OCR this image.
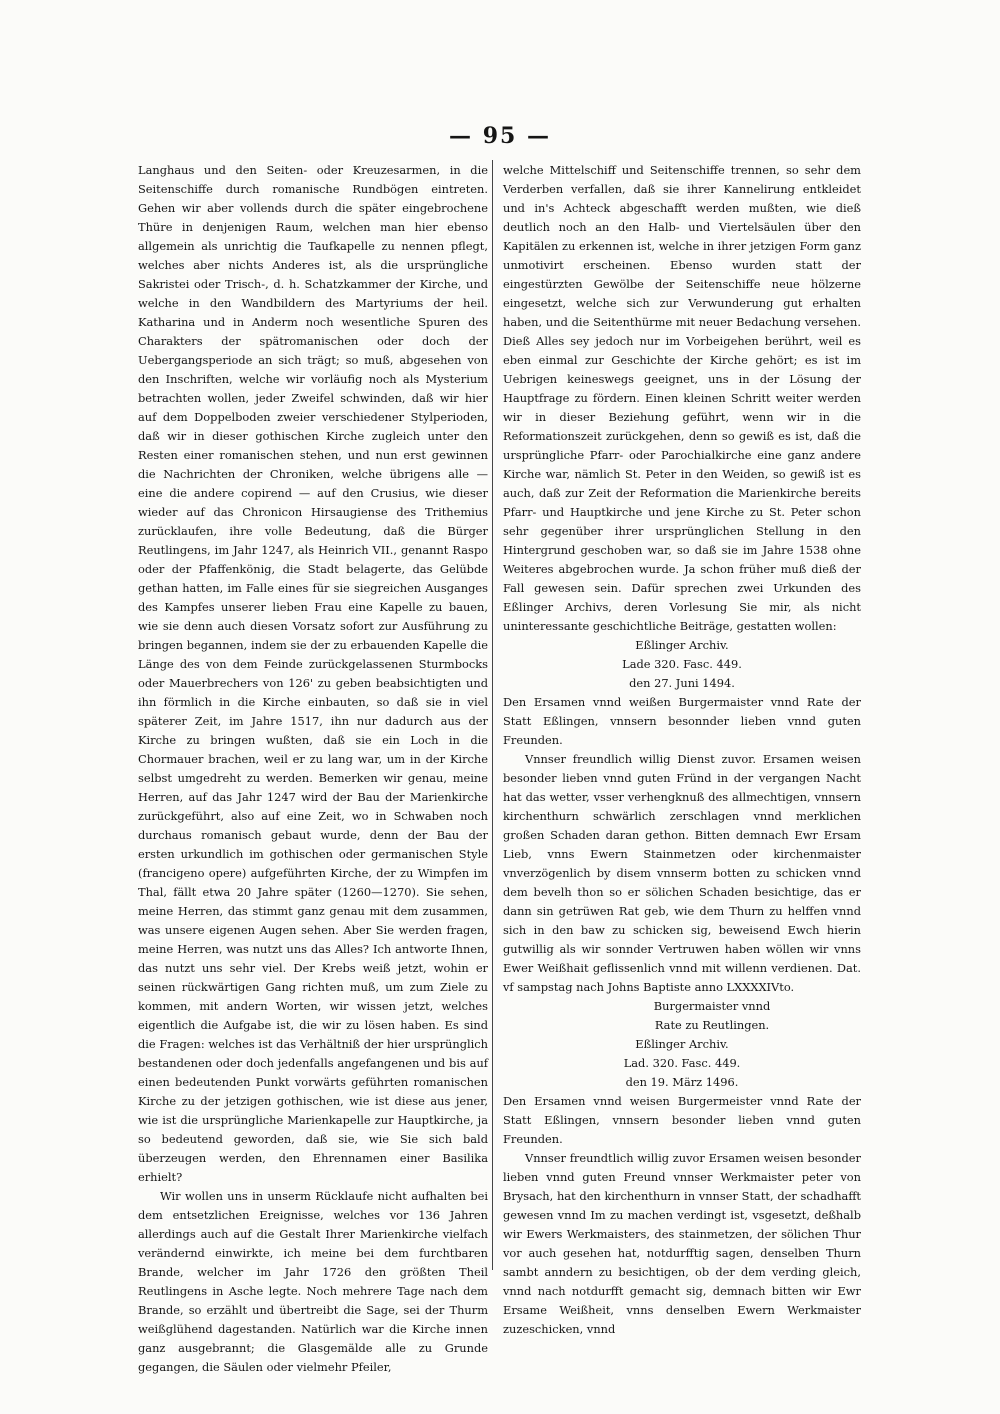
— 95 —

Langhaus und den Seiten- oder Kreuzesarmen, in die Seitenschiffe durch romanische Rundbögen eintreten. Gehen wir aber vollends durch die später eingebrochene Thüre in denjenigen Raum, welchen man hier ebenso allgemein als unrichtig die Taufkapelle zu nennen pflegt, welches aber nichts Anderes ist, als die ursprüngliche Sakristei oder Trisch-, d. h. Schatzkammer der Kirche, und welche in den Wandbildern des Martyriums der heil. Katharina und in Anderm noch wesentliche Spuren des Charakters der spätromanischen oder doch der Uebergangsperiode an sich trägt; so muß, abgesehen von den Inschriften, welche wir vorläufig noch als Mysterium betrachten wollen, jeder Zweifel schwinden, daß wir hier auf dem Doppelboden zweier verschiedener Stylperioden, daß wir in dieser gothischen Kirche zugleich unter den Resten einer romanischen stehen, und nun erst gewinnen die Nachrichten der Chroniken, welche übrigens alle — eine die andere copirend — auf den Crusius, wie dieser wieder auf das Chronicon Hirsaugiense des Trithemius zurücklaufen, ihre volle Bedeutung, daß die Bürger Reutlingens, im Jahr 1247, als Heinrich VII., genannt Raspo oder der Pfaffenkönig, die Stadt belagerte, das Gelübde gethan hatten, im Falle eines für sie siegreichen Ausganges des Kampfes unserer lieben Frau eine Kapelle zu bauen, wie sie denn auch diesen Vorsatz sofort zur Ausführung zu bringen begannen, indem sie der zu erbauenden Kapelle die Länge des von dem Feinde zurückgelassenen Sturmbocks oder Mauerbrechers von 126' zu geben beabsichtigten und ihn förmlich in die Kirche einbauten, so daß sie in viel späterer Zeit, im Jahre 1517, ihn nur dadurch aus der Kirche zu bringen wußten, daß sie ein Loch in die Chormauer brachen, weil er zu lang war, um in der Kirche selbst umgedreht zu werden. Bemerken wir genau, meine Herren, auf das Jahr 1247 wird der Bau der Marienkirche zurückgeführt, also auf eine Zeit, wo in Schwaben noch durchaus romanisch gebaut wurde, denn der Bau der ersten urkundlich im gothischen oder germanischen Style (francigeno opere) aufgeführten Kirche, der zu Wimpfen im Thal, fällt etwa 20 Jahre später (1260—1270). Sie sehen, meine Herren, das stimmt ganz genau mit dem zusammen, was unsere eigenen Augen sehen. Aber Sie werden fragen, meine Herren, was nutzt uns das Alles? Ich antworte Ihnen, das nutzt uns sehr viel. Der Krebs weiß jetzt, wohin er seinen rückwärtigen Gang richten muß, um zum Ziele zu kommen, mit andern Worten, wir wissen jetzt, welches eigentlich die Aufgabe ist, die wir zu lösen haben. Es sind die Fragen: welches ist das Verhältniß der hier ursprünglich bestandenen oder doch jedenfalls angefangenen und bis auf einen bedeutenden Punkt vorwärts geführten romanischen Kirche zu der jetzigen gothischen, wie ist diese aus jener, wie ist die ursprüngliche Marienkapelle zur Hauptkirche, ja so bedeutend geworden, daß sie, wie Sie sich bald überzeugen werden, den Ehrennamen einer Basilika erhielt?

Wir wollen uns in unserm Rücklaufe nicht aufhalten bei dem entsetzlichen Ereignisse, welches vor 136 Jahren allerdings auch auf die Gestalt Ihrer Marienkirche vielfach verändernd einwirkte, ich meine bei dem furchtbaren Brande, welcher im Jahr 1726 den größten Theil Reutlingens in Asche legte. Noch mehrere Tage nach dem Brande, so erzählt und übertreibt die Sage, sei der Thurm weißglühend dagestanden. Natürlich war die Kirche innen ganz ausgebrannt; die Glasgemälde alle zu Grunde gegangen, die Säulen oder vielmehr Pfeiler,

welche Mittelschiff und Seitenschiffe trennen, so sehr dem Verderben verfallen, daß sie ihrer Kannelirung entkleidet und in's Achteck abgeschafft werden mußten, wie dieß deutlich noch an den Halb- und Viertelsäulen über den Kapitälen zu erkennen ist, welche in ihrer jetzigen Form ganz unmotivirt erscheinen. Ebenso wurden statt der eingestürzten Gewölbe der Seitenschiffe neue hölzerne eingesetzt, welche sich zur Verwunderung gut erhalten haben, und die Seitenthürme mit neuer Bedachung versehen. Dieß Alles sey jedoch nur im Vorbeigehen berührt, weil es eben einmal zur Geschichte der Kirche gehört; es ist im Uebrigen keineswegs geeignet, uns in der Lösung der Hauptfrage zu fördern. Einen kleinen Schritt weiter werden wir in dieser Beziehung geführt, wenn wir in die Reformationszeit zurückgehen, denn so gewiß es ist, daß die ursprüngliche Pfarr- oder Parochialkirche eine ganz andere Kirche war, nämlich St. Peter in den Weiden, so gewiß ist es auch, daß zur Zeit der Reformation die Marienkirche bereits Pfarr- und Hauptkirche und jene Kirche zu St. Peter schon sehr gegenüber ihrer ursprünglichen Stellung in den Hintergrund geschoben war, so daß sie im Jahre 1538 ohne Weiteres abgebrochen wurde. Ja schon früher muß dieß der Fall gewesen sein. Dafür sprechen zwei Urkunden des Eßlinger Archivs, deren Vorlesung Sie mir, als nicht uninteressante geschichtliche Beiträge, gestatten wollen:

Eßlinger Archiv.

Lade 320. Fasc. 449.

den 27. Juni 1494.

Den Ersamen vnnd weißen Burgermaister vnnd Rate der Statt Eßlingen, vnnsern besonnder lieben vnnd guten Freunden.

Vnnser freundlich willig Dienst zuvor. Ersamen weisen besonder lieben vnnd guten Fründ in der vergangen Nacht hat das wetter, vsser verhengknuß des allmechtigen, vnnsern kirchenthurn schwärlich zerschlagen vnnd merklichen großen Schaden daran gethon. Bitten demnach Ewr Ersam Lieb, vnns Ewern Stainmetzen oder kirchenmaister vnverzögenlich by disem vnnserm botten zu schicken vnnd dem bevelh thon so er sölichen Schaden besichtige, das er dann sin getrüwen Rat geb, wie dem Thurn zu helffen vnnd sich in den baw zu schicken sig, beweisend Ewch hierin gutwillig als wir sonnder Vertruwen haben wöllen wir vnns Ewer Weißhait geflissenlich vnnd mit willenn verdienen. Dat. vf sampstag nach Johns Baptiste anno LXXXXIVto.

Burgermaister vnnd

Rate zu Reutlingen.

Eßlinger Archiv.

Lad. 320. Fasc. 449.

den 19. März 1496.

Den Ersamen vnnd weisen Burgermeister vnnd Rate der Statt Eßlingen, vnnsern besonder lieben vnnd guten Freunden.

Vnnser freundtlich willig zuvor Ersamen weisen besonder lieben vnnd guten Freund vnnser Werkmaister peter von Brysach, hat den kirchenthurn in vnnser Statt, der schadhafft gewesen vnnd Im zu machen verdingt ist, vsgesetzt, deßhalb wir Ewers Werkmaisters, des stainmetzen, der sölichen Thur vor auch gesehen hat, notdurfftig sagen, denselben Thurn sambt anndern zu besichtigen, ob der dem verding gleich, vnnd nach notdurfft gemacht sig, demnach bitten wir Ewr Ersame Weißheit, vnns denselben Ewern Werkmaister zuzeschicken, vnnd
